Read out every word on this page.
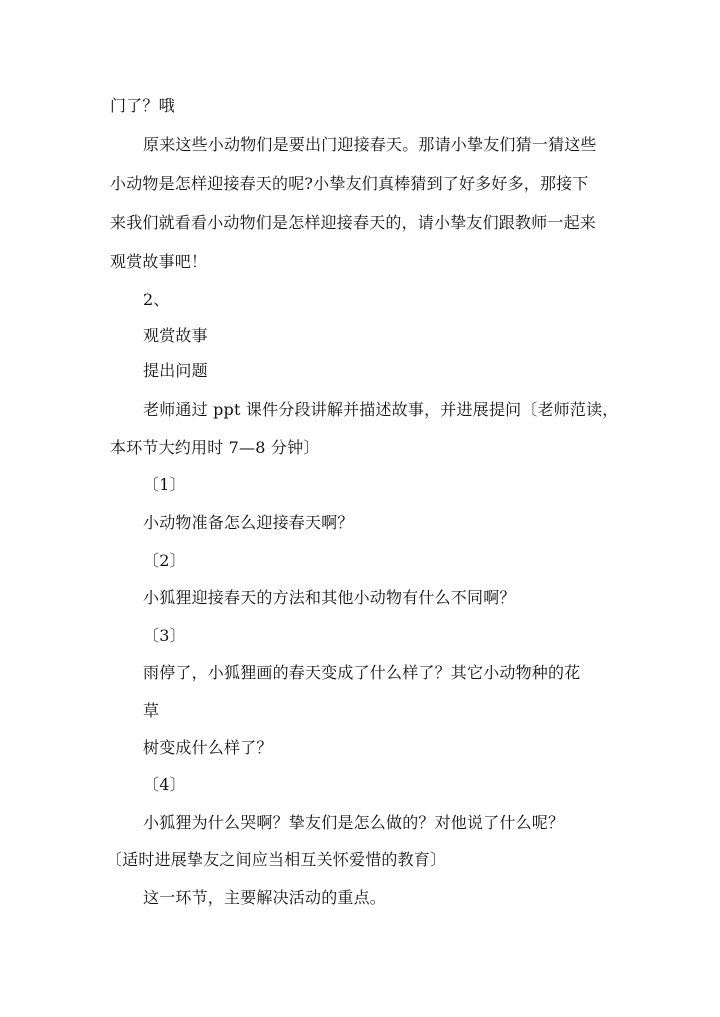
门了？哦
原来这些小动物们是要出门迎接春天。那请小挚友们猜一猜这些
小动物是怎样迎接春天的呢?小挚友们真棒猜到了好多好多，那接下
来我们就看看小动物们是怎样迎接春天的，请小挚友们跟教师一起来
观赏故事吧！
2、
观赏故事
提出问题
老师通过 ppt 课件分段讲解并描述故事，并进展提问〔老师范读，
本环节大约用时 7—8 分钟〕
〔1〕
小动物准备怎么迎接春天啊？
〔2〕
小狐狸迎接春天的方法和其他小动物有什么不同啊？
〔3〕
雨停了，小狐狸画的春天变成了什么样了？其它小动物种的花
草
树变成什么样了？
〔4〕
小狐狸为什么哭啊？挚友们是怎么做的？对他说了什么呢？
〔适时进展挚友之间应当相互关怀爱惜的教育〕
这一环节，主要解决活动的重点。
